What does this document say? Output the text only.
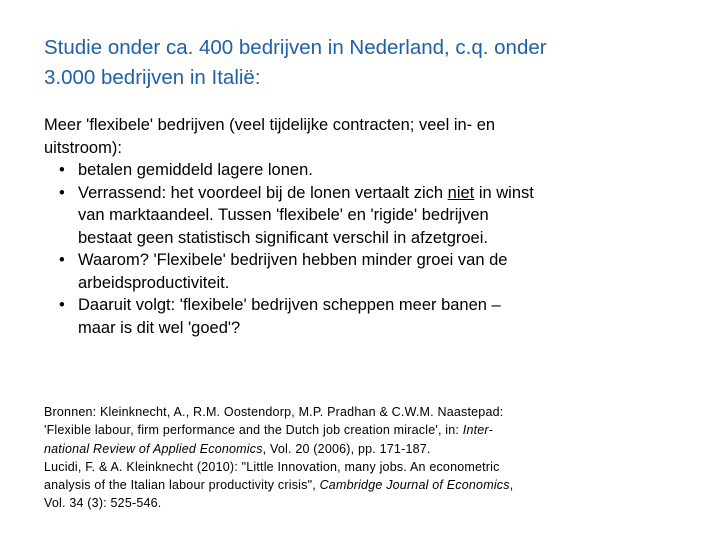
Studie onder ca. 400 bedrijven in Nederland, c.q. onder
3.000 bedrijven in Italië:

Meer 'flexibele' bedrijven (veel tijdelijke contracten; veel in- en
uitstroom):

• betalen gemiddeld lagere lonen.
• Verrassend: het voordeel bij de lonen vertaalt zich niet in winst
van marktaandeel. Tussen 'flexibele' en 'rigide' bedrijven
bestaat geen statistisch significant verschil in afzetgroei.
• Waarom? 'Flexibele' bedrijven hebben minder groei van de
arbeidsproductiviteit.
• Daaruit volgt: 'flexibele' bedrijven scheppen meer banen –
maar is dit wel 'goed'?
Bronnen: Kleinknecht, A., R.M. Oostendorp, M.P. Pradhan & C.W.M. Naastepad:
'Flexible labour, firm performance and the Dutch job creation miracle', in: Inter-
national Review of Applied Economics, Vol. 20 (2006), pp. 171-187.
Lucidi, F. & A. Kleinknecht (2010): "Little Innovation, many jobs. An econometric
analysis of the Italian labour productivity crisis", Cambridge Journal of Economics,
Vol. 34 (3): 525-546.
